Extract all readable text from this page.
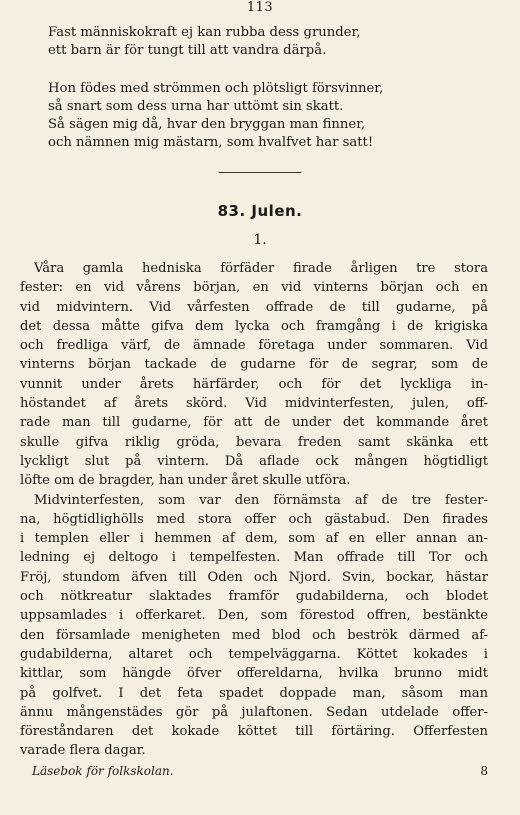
113
Fast människokraft ej kan rubba dess grunder,
ett barn är för tungt till att vandra därpå.
Hon födes med strömmen och plötsligt försvinner,
så snart som dess urna har uttömt sin skatt.
Så sägen mig då, hvar den bryggan man finner,
och nämnen mig mästarn, som hvalfvet har satt!
83. Julen.
1.
Våra gamla hedniska förfäder firade årligen tre stora
fester: en vid vårens början, en vid vinterns början och en
vid midvintern. Vid vårfesten offrade de till gudarne, på
det dessa måtte gifva dem lycka och framgång i de krigiska
och fredliga värf, de ämnade företaga under sommaren. Vid
vinterns början tackade de gudarne för de segrar, som de
vunnit under årets härfärder, och för det lyckliga in-
höstandet af årets skörd. Vid midvinterfesten, julen, off-
rade man till gudarne, för att de under det kommande året
skulle gifva riklig gröda, bevara freden samt skänka ett
lyckligt slut på vintern. Då aflade ock mången högtidligt
löfte om de bragder, han under året skulle utföra.
Midvinterfesten, som var den förnämsta af de tre fester-
na, högtidlighölls med stora offer och gästabud. Den firades
i templen eller i hemmen af dem, som af en eller annan an-
ledning ej deltogo i tempelfesten. Man offrade till Tor och
Fröj, stundom äfven till Oden och Njord. Svin, bockar, hästar
och nötkreatur slaktades framför gudabilderna, och blodet
uppsamlades i offerkaret. Den, som förestod offren, bestänkte
den församlade menigheten med blod och beströk därmed af-
gudabilderna, altaret och tempelväggarna. Köttet kokades i
kittlar, som hängde öfver offereldarna, hvilka brunno midt
på golfvet. I det feta spadet doppade man, såsom man
ännu mångenstädes gör på julaftonen. Sedan utdelade offer-
föreståndaren det kokade köttet till förtäring. Offerfesten
varade flera dagar.
Läsebok för folkskolan.	8
